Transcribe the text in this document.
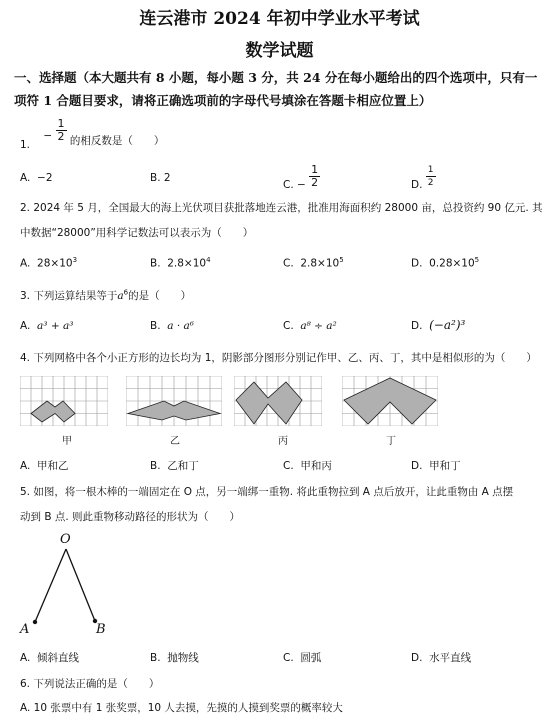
连云港市 2024 年初中学业水平考试
数学试题
一、选择题（本大题共有 8 小题，每小题 3 分，共 24 分在每小题给出的四个选项中，只有一
项符 1 合题目要求，请将正确选项前的字母代号填涂在答题卡相应位置上）
1. − $\frac{1}{2}$ 的相反数是（　　）
A. −2	B. 2
C. − $\frac{1}{2}$	D. $\frac{1}{2}$
2. 2024 年 5 月，全国最大的海上光伏项目获批落地连云港，批准用海面积约 28000 亩，总投资约 90 亿元. 其
中数据“28000”用科学记数法可以表示为（　　）
A. $28\times 10^3$	B. $2.8\times 10^4$	C. $2.8\times 10^5$	D. $0.28\times 10^5$
3. 下列运算结果等于$a^6$的是（　　）
A. a³ + a³	B. a · a⁶	C. a⁸ ÷ a²	D. (−a²)³
4. 下列网格中各个小正方形的边长均为 1，阴影部分图形分别记作甲、乙、丙、丁，其中是相似形的为（　　）
甲	乙	丙	丁
A. 甲和乙	B. 乙和丁	C. 甲和丙	D. 甲和丁
5. 如图，将一根木棒的一端固定在 O 点，另一端绑一重物. 将此重物拉到 A 点后放开，让此重物由 A 点摆
动到 B 点. 则此重物移动路径的形状为（　　）
O
A	B
A. 倾斜直线	B. 抛物线	C. 圆弧	D. 水平直线
6. 下列说法正确的是（　　）
A. 10 张票中有 1 张奖票，10 人去摸，先摸的人摸到奖票的概率较大
